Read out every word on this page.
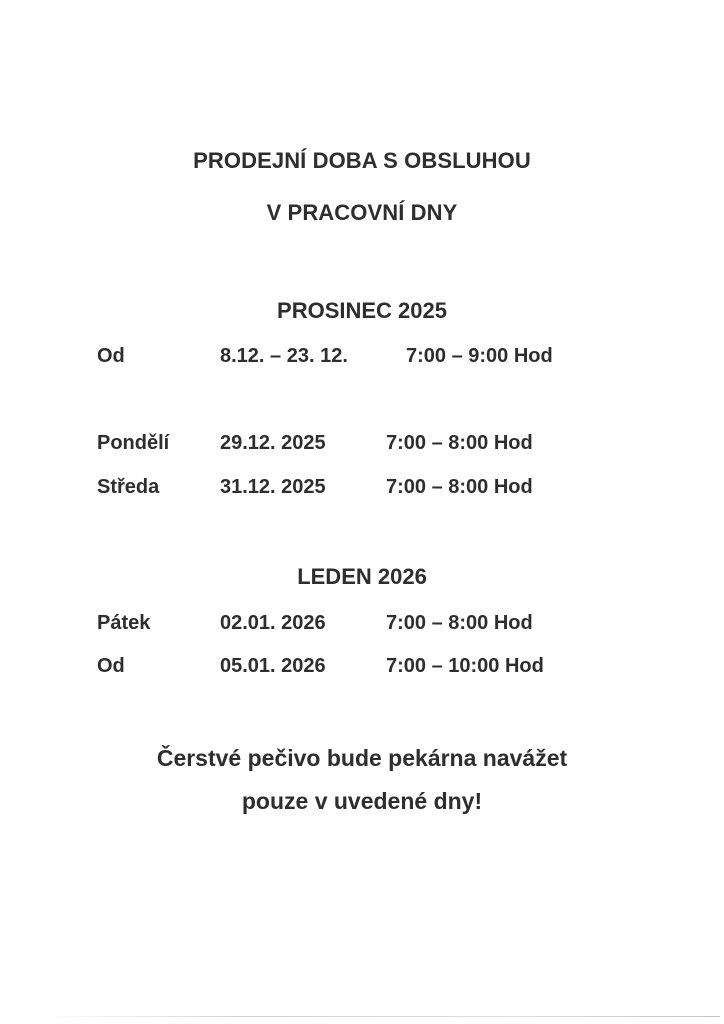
PRODEJNÍ DOBA S OBSLUHOU
V PRACOVNÍ DNY
PROSINEC 2025
Od	8.12. – 23. 12.	7:00 – 9:00 Hod
Pondělí	29.12. 2025	7:00 – 8:00 Hod
Středa	31.12. 2025	7:00 – 8:00 Hod
LEDEN 2026
Pátek	02.01. 2026	7:00 – 8:00 Hod
Od	05.01. 2026	7:00 – 10:00 Hod
Čerstvé pečivo bude pekárna navážet
pouze v uvedené dny!
